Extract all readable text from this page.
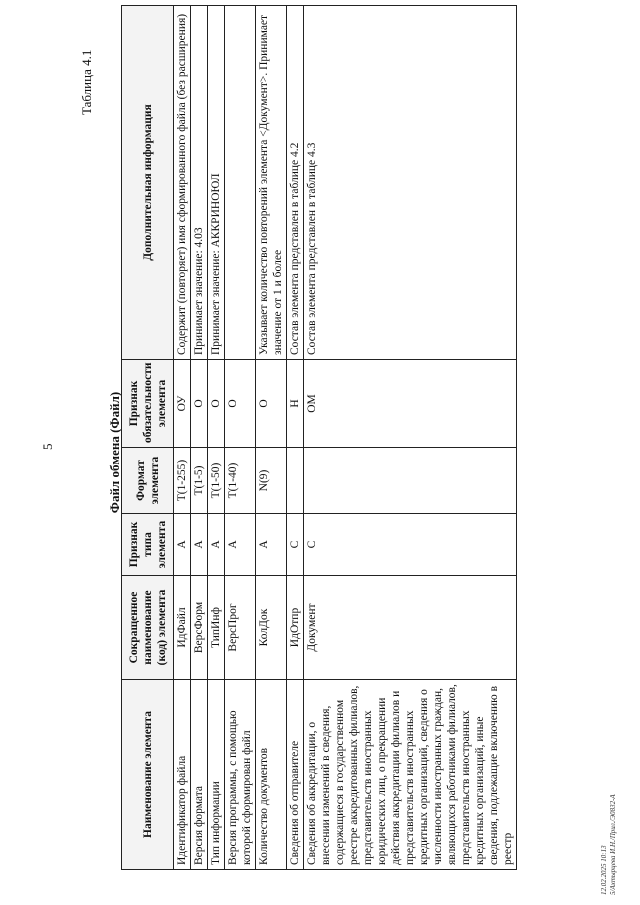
5
Таблица 4.1
Файл обмена (Файл)
Наименование элемента	Сокращенное наименование (код) элемента	Признак типа элемента	Формат элемента	Признак обязательности элемента	Дополнительная информация
Идентификатор файла	ИдФайл	А	Т(1-255)	ОУ	Содержит (повторяет) имя сформированного файла (без расширения)
Версия формата	ВерсФорм	А	Т(1-5)	О	Принимает значение: 4.03
Тип информации	ТипИнф	А	Т(1-50)	О	Принимает значение: АККРИНОЮЛ
Версия программы, с помощью которой сформирован файл	ВерсПрог	А	Т(1-40)	О	
Количество документов	КолДок	А	N(9)	О	Указывает количество повторений элемента <Документ>. Принимает значение от 1 и более
Сведения об отправителе	ИдОтпр	С		Н	Состав элемента представлен в таблице 4.2
Сведения об аккредитации, о внесении изменений в сведения, содержащиеся в государственном реестре аккредитованных филиалов, представительств иностранных юридических лиц, о прекращении действия аккредитации филиалов и представительств иностранных кредитных организаций, сведения о численности иностранных граждан, являющихся работниками филиалов, представительств иностранных кредитных организаций, иные сведения, подлежащие включению в реестр	Документ	С		ОМ	Состав элемента представлен в таблице 4.3
12.02.2025 10:13 5/Ахтырцева И.Н./Прил./Э0832-А
